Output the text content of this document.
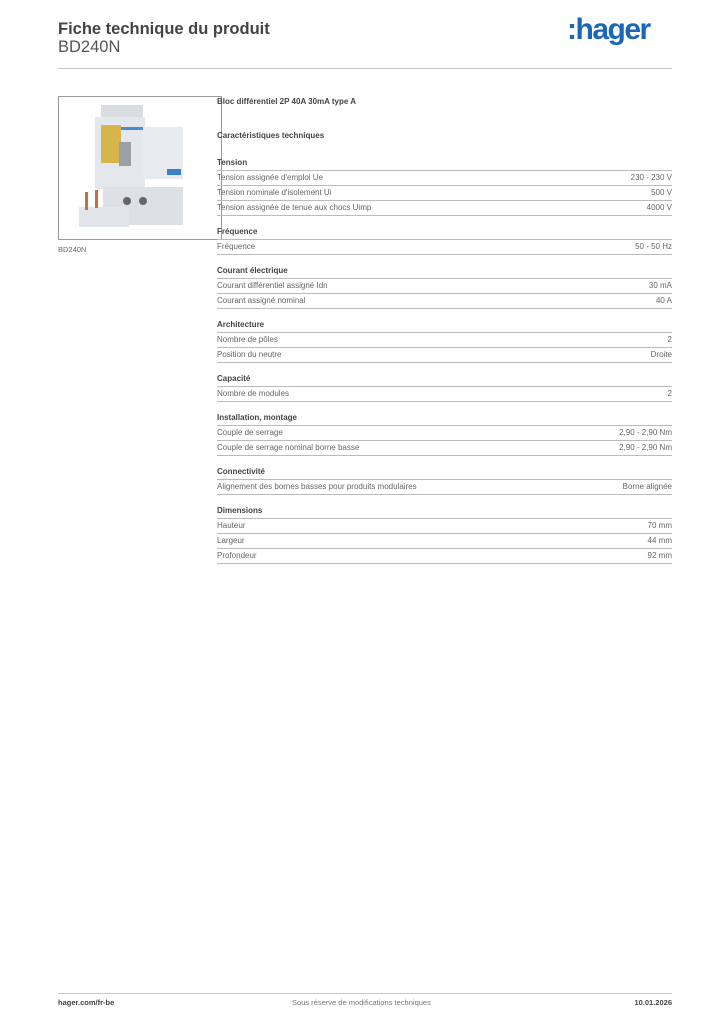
Fiche technique du produit
BD240N
:hager
BD240N
Bloc différentiel 2P 40A 30mA type A
Caractéristiques techniques
Tension
Tension assignée d'emploi Ue	230 - 230 V
Tension nominale d'isolement Ui	500 V
Tension assignée de tenue aux chocs Uimp	4000 V
Fréquence
Fréquence	50 - 50 Hz
Courant électrique
Courant différentiel assigné Idn	30 mA
Courant assigné nominal	40 A
Architecture
Nombre de pôles	2
Position du neutre	Droite
Capacité
Nombre de modules	2
Installation, montage
Couple de serrage	2,90 - 2,90 Nm
Couple de serrage nominal borne basse	2,90 - 2,90 Nm
Connectivité
Alignement des bornes basses pour produits modulaires	Borne alignée
Dimensions
Hauteur	70 mm
Largeur	44 mm
Profondeur	92 mm
hager.com/fr-be	Sous réserve de modifications techniques	10.01.2026
